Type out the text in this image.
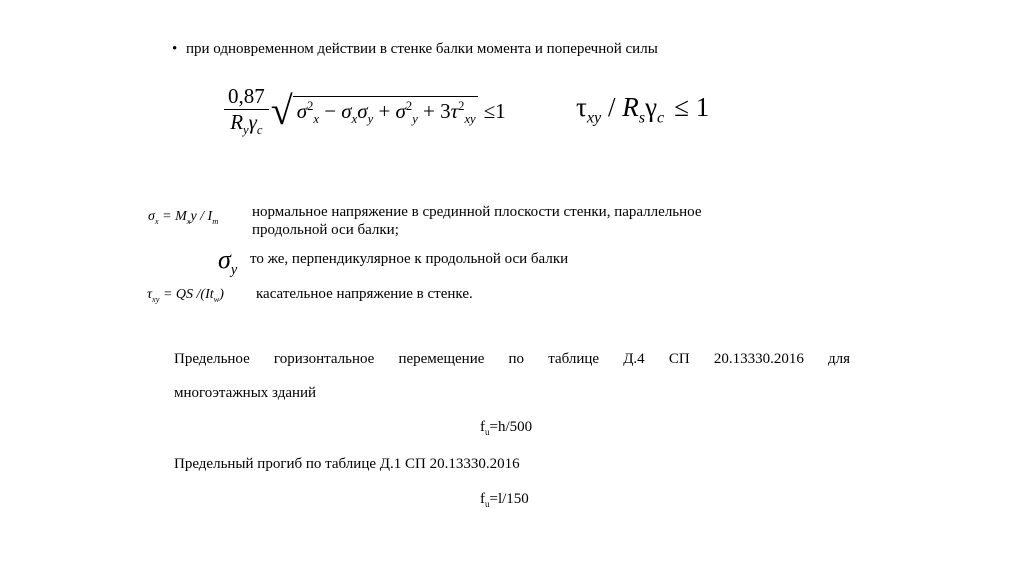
• при одновременном действии в стенке балки момента и поперечной силы
$\frac{0,87}{R_y\gamma_c}$ √ $\sigma^2_x - \sigma_x\sigma_y + \sigma^2_y + 3\tau^2_{xy} \le 1$	$\tau_{xy} / R_s\gamma_c \le 1$
$\sigma_x = M_xy / I_m$
нормальное напряжение в срединной плоскости стенки, параллельное
продольной оси балки;
$\sigma_y$
то же, перпендикулярное к продольной оси балки
$\tau_{xy}$ = QS $/(It_w)$ касательное напряжение в стенке.
Предельное горизонтальное перемещение по таблице Д.4 СП 20.13330.2016 для
многоэтажных зданий
$f_u=h/500$
Предельный прогиб по таблице Д.1 СП 20.13330.2016
$f_u=l/150$
